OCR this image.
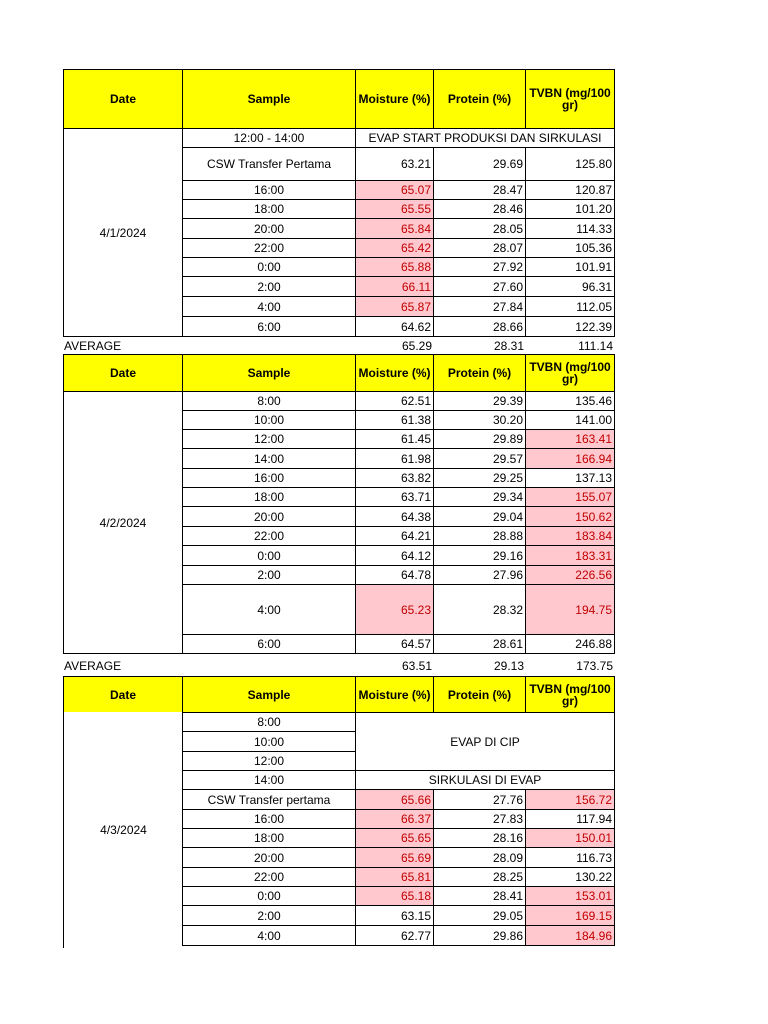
Date	Sample	Moisture (%)	Protein (%)	TVBN (mg/100 gr)
4/1/2024
12:00 - 14:00	EVAP START PRODUKSI DAN SIRKULASI
CSW Transfer Pertama	63.21	29.69	125.80
16:00	65.07	28.47	120.87
18:00	65.55	28.46	101.20
20:00	65.84	28.05	114.33
22:00	65.42	28.07	105.36
0:00	65.88	27.92	101.91
2:00	66.11	27.60	96.31
4:00	65.87	27.84	112.05
6:00	64.62	28.66	122.39
AVERAGE	65.29	28.31	111.14
Date	Sample	Moisture (%)	Protein (%)	TVBN (mg/100 gr)
4/2/2024
8:00	62.51	29.39	135.46
10:00	61.38	30.20	141.00
12:00	61.45	29.89	163.41
14:00	61.98	29.57	166.94
16:00	63.82	29.25	137.13
18:00	63.71	29.34	155.07
20:00	64.38	29.04	150.62
22:00	64.21	28.88	183.84
0:00	64.12	29.16	183.31
2:00	64.78	27.96	226.56
4:00	65.23	28.32	194.75
6:00	64.57	28.61	246.88
AVERAGE	63.51	29.13	173.75
Date	Sample	Moisture (%)	Protein (%)	TVBN (mg/100 gr)
4/3/2024
8:00
10:00
12:00
EVAP DI CIP
14:00	SIRKULASI DI EVAP
CSW Transfer pertama	65.66	27.76	156.72
16:00	66.37	27.83	117.94
18:00	65.65	28.16	150.01
20:00	65.69	28.09	116.73
22:00	65.81	28.25	130.22
0:00	65.18	28.41	153.01
2:00	63.15	29.05	169.15
4:00	62.77	29.86	184.96
